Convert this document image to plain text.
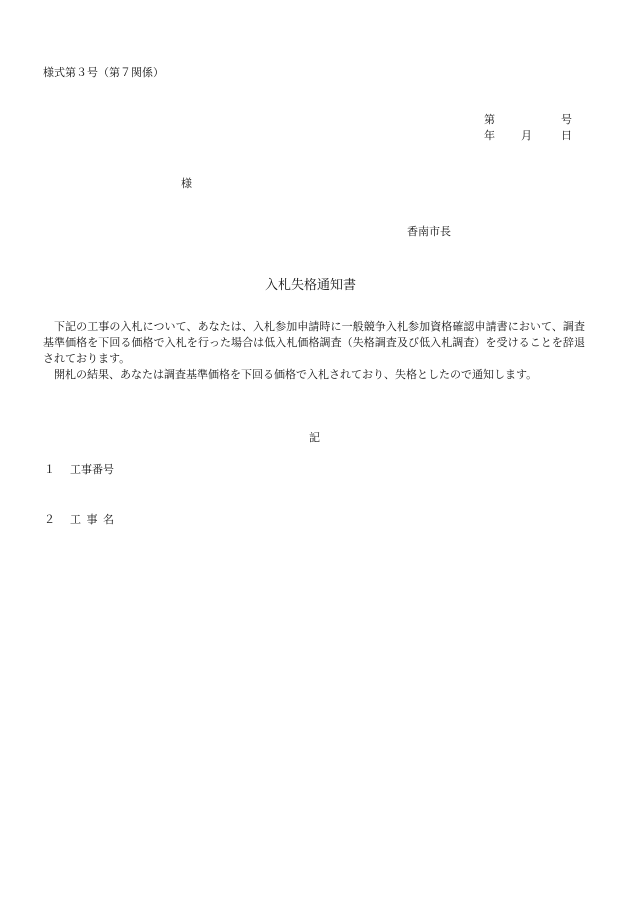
様式第３号（第７関係）
第	号
年 月	日
様
香南市長
入札失格通知書

下記の工事の入札について、あなたは、入札参加申請時に一般競争入札参加資格確認申請書において、調査基準価格を下回る価格で入札を行った場合は低入札価格調査（失格調査及び低入札調査）を受けることを辞退されております。

開札の結果、あなたは調査基準価格を下回る価格で入札されており、失格としたので通知します。

記
１ 工事番号
２ 工事名
